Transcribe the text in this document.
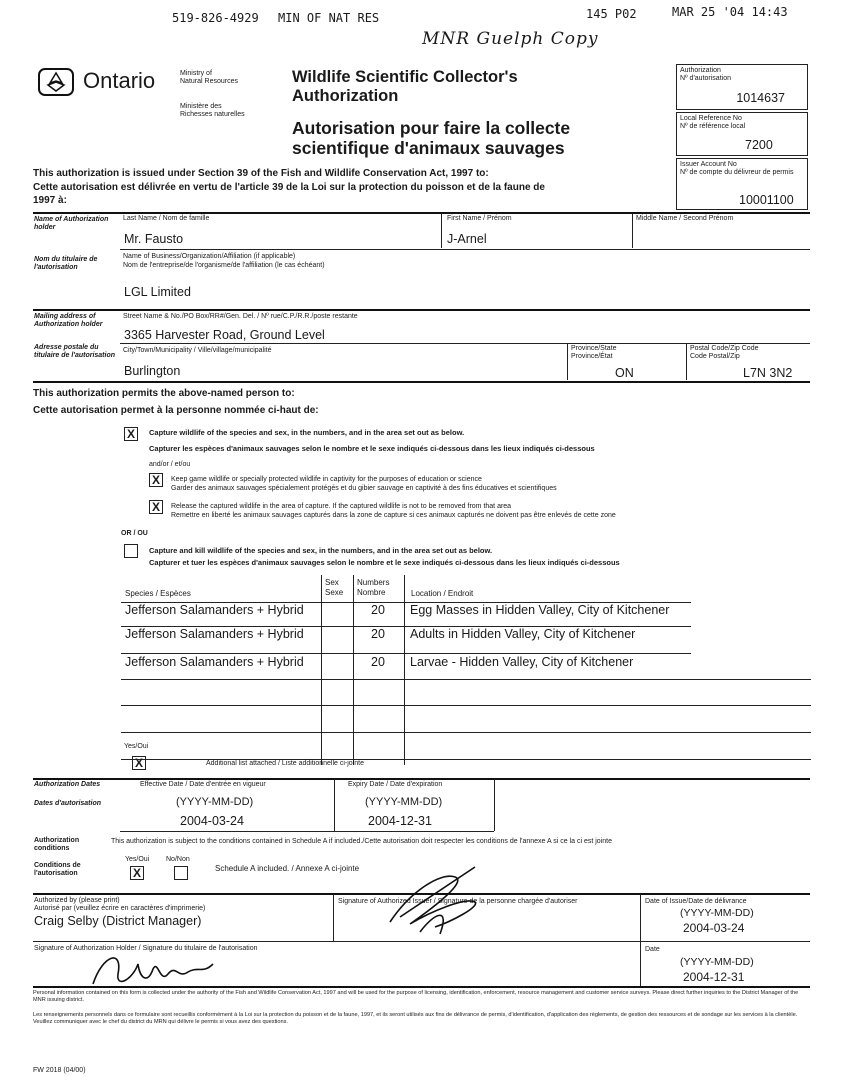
519-826-4929 MIN OF NAT RES	145 P02	MAR 25 '04 14:43
MNR Guelph Copy
Ontario	Ministry of
Natural Resources
Ministère des
Richesses naturelles
Wildlife Scientific Collector's
Authorization
Autorisation pour faire la collecte
scientifique d'animaux sauvages
Authorization
Nº d'autorisation
1014637
Local Reference No
Nº de référence local
7200
Issuer Account No
Nº de compte du délivreur de permis
10001100
This authorization is issued under Section 39 of the Fish and Wildlife Conservation Act, 1997 to:
Cette autorisation est délivrée en vertu de l'article 39 de la Loi sur la protection du poisson et de la faune de
1997 à:
Name of Authorization holder
Nom du titulaire de l'autorisation
Last Name / Nom de famille
Mr. Fausto
First Name / Prénom
J-Arnel
Middle Name / Second Prénom
Name of Business/Organization/Affiliation (if applicable)
Nom de l'entreprise/de l'organisme/de l'affiliation (le cas échéant)
LGL Limited
Mailing address of Authorization holder
Adresse postale du titulaire de l'autorisation
Street Name & No./PO Box/RR#/Gen. Del. / Nº rue/C.P./R.R./poste restante
3365 Harvester Road, Ground Level
City/Town/Municipality / Ville/village/municipalité
Burlington
Province/State
Province/État
ON
Postal Code/Zip Code
Code Postal/Zip
L7N 3N2
This authorization permits the above-named person to:
Cette autorisation permet à la personne nommée ci-haut de:
X	Capture wildlife of the species and sex, in the numbers, and in the area set out as below.
Capturer les espèces d'animaux sauvages selon le nombre et le sexe indiqués ci-dessous dans les lieux indiqués ci-dessous
and/or / et/ou
X	Keep game wildlife or specially protected wildlife in captivity for the purposes of education or science
Garder des animaux sauvages spécialement protégés et du gibier sauvage en captivité à des fins éducatives et scientifiques
X	Release the captured wildlife in the area of capture. If the captured wildlife is not to be removed from that area
Remettre en liberté les animaux sauvages capturés dans la zone de capture si ces animaux capturés ne doivent pas être enlevés de cette zone
OR / OU
Capture and kill wildlife of the species and sex, in the numbers, and in the area set out as below.
Capturer et tuer les espèces d'animaux sauvages selon le nombre et le sexe indiqués ci-dessous dans les lieux indiqués ci-dessous
Species / Espèces
Sex
Sexe
Numbers
Nombre	Location / Endroit
Jefferson Salamanders + Hybrid	20 Egg Masses in Hidden Valley, City of Kitchener
Jefferson Salamanders + Hybrid	20 Adults in Hidden Valley, City of Kitchener
Jefferson Salamanders + Hybrid	20 Larvae - Hidden Valley, City of Kitchener
Yes/Oui
X	Additional list attached / Liste additionnelle ci-jointe
Authorization Dates
Dates d'autorisation
Effective Date / Date d'entrée en vigueur
(YYYY-MM-DD)
2004-03-24
Expiry Date / Date d'expiration
(YYYY-MM-DD)
2004-12-31
Authorization conditions
Conditions de l'autorisation
This authorization is subject to the conditions contained in Schedule A if included./Cette autorisation doit respecter les conditions de l'annexe A si ce la ci est jointe
Yes/Oui No/Non
X	Schedule A included. / Annexe A ci-jointe
Authorized by (please print)
Autorisé par (veuillez écrire en caractères d'imprimerie)
Craig Selby (District Manager)
Signature of Authorized Issuer / Signature de la personne chargée d'autoriser	Date of Issue/Date de délivrance
(YYYY-MM-DD)
2004-03-24
Signature of Authorization Holder / Signature du titulaire de l'autorisation	Date
(YYYY-MM-DD)
2004-12-31
Personal information contained on this form is collected under the authority of the Fish and Wildlife Conservation Act, 1997 and will be used for the purpose of licensing, identification, enforcement, resource management and customer service surveys. Please direct further inquiries to the District Manager of the MNR issuing district.
Les renseignements personnels dans ce formulaire sont recueillis conformément à la Loi sur la protection du poisson et de la faune, 1997, et ils seront utilisés aux fins de délivrance de permis, d'identification, d'application des règlements, de gestion des ressources et de sondage sur les services à la clientèle. Veuillez communiquer avec le chef du district du MRN qui délivre le permis si vous avez des questions.
FW 2018 (04/00)
